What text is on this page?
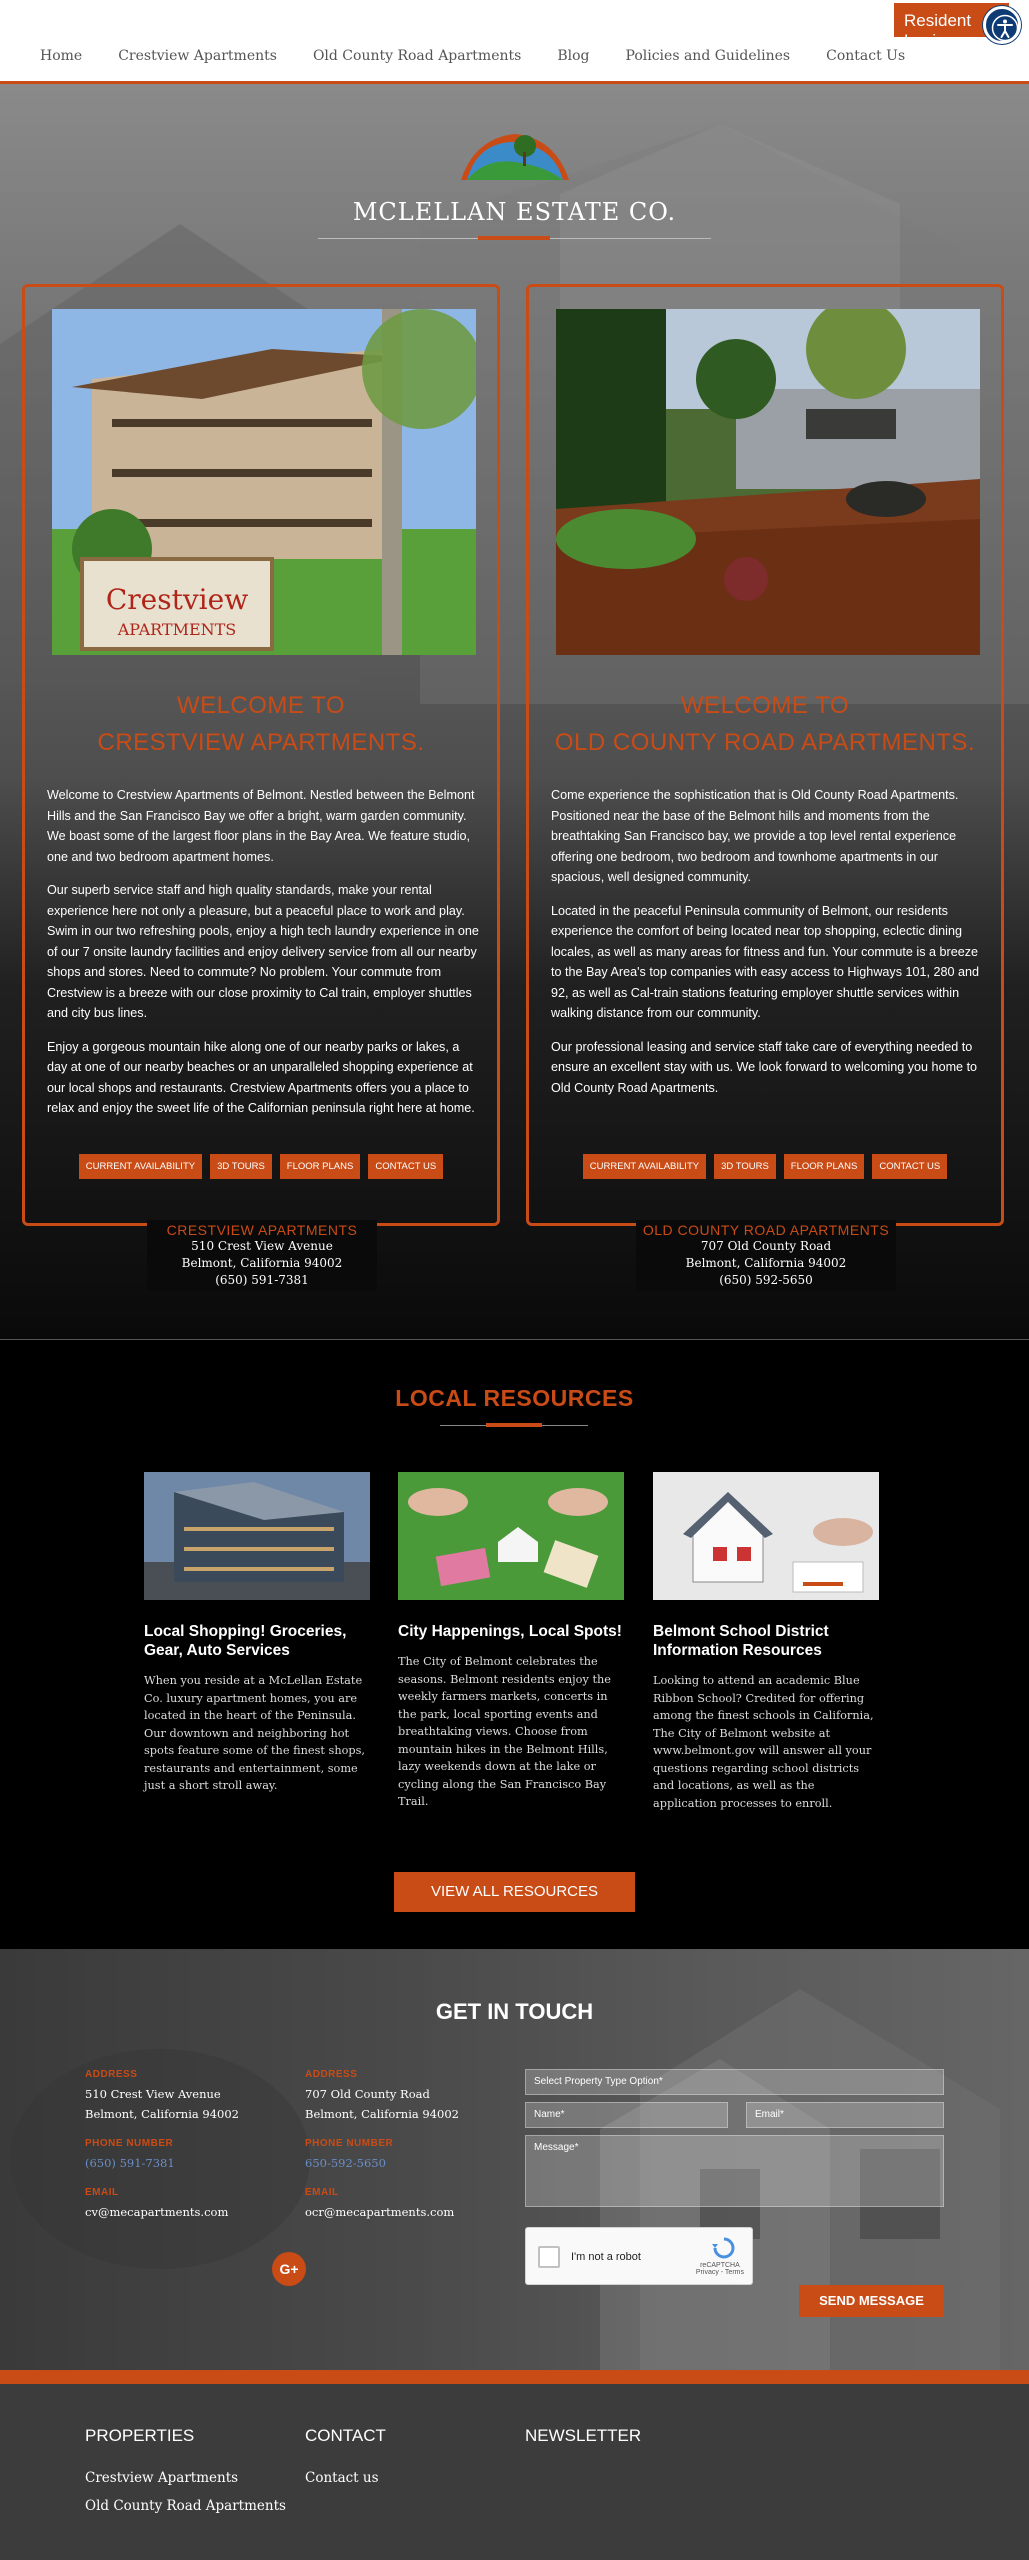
Home	Crestview Apartments	Old County Road Apartments	Blog	Policies and Guidelines	Contact Us
Resident Login
MCLELLAN ESTATE CO.
Crestview
APARTMENTS
WELCOME TO
CRESTVIEW APARTMENTS.

Welcome to Crestview Apartments of Belmont. Nestled between the Belmont Hills and the San Francisco Bay we offer a bright, warm garden community. We boast some of the largest floor plans in the Bay Area. We feature studio, one and two bedroom apartment homes.

Our superb service staff and high quality standards, make your rental experience here not only a pleasure, but a peaceful place to work and play. Swim in our two refreshing pools, enjoy a high tech laundry experience in one of our 7 onsite laundry facilities and enjoy delivery service from all our nearby shops and stores. Need to commute? No problem. Your commute from Crestview is a breeze with our close proximity to Cal train, employer shuttles and city bus lines.

Enjoy a gorgeous mountain hike along one of our nearby parks or lakes, a day at one of our nearby beaches or an unparalleled shopping experience at our local shops and restaurants. Crestview Apartments offers you a place to relax and enjoy the sweet life of the Californian peninsula right here at home.

CURRENT AVAILABILITY	3D TOURS	FLOOR PLANS	CONTACT US
CRESTVIEW APARTMENTS
510 Crest View Avenue
Belmont, California 94002
(650) 591-7381
WELCOME TO
OLD COUNTY ROAD APARTMENTS.

Come experience the sophistication that is Old County Road Apartments. Positioned near the base of the Belmont hills and moments from the breathtaking San Francisco bay, we provide a top level rental experience offering one bedroom, two bedroom and townhome apartments in our spacious, well designed community.

Located in the peaceful Peninsula community of Belmont, our residents experience the comfort of being located near top shopping, eclectic dining locales, as well as many areas for fitness and fun. Your commute is a breeze to the Bay Area's top companies with easy access to Highways 101, 280 and 92, as well as Cal-train stations featuring employer shuttle services within walking distance from our community.

Our professional leasing and service staff take care of everything needed to ensure an excellent stay with us. We look forward to welcoming you home to Old County Road Apartments.

CURRENT AVAILABILITY	3D TOURS	FLOOR PLANS	CONTACT US
OLD COUNTY ROAD APARTMENTS
707 Old County Road
Belmont, California 94002
(650) 592-5650
LOCAL RESOURCES
Local Shopping! Groceries, Gear, Auto Services
When you reside at a McLellan Estate Co. luxury apartment homes, you are located in the heart of the Peninsula. Our downtown and neighboring hot spots feature some of the finest shops, restaurants and entertainment, some just a short stroll away.
City Happenings, Local Spots!
The City of Belmont celebrates the seasons. Belmont residents enjoy the weekly farmers markets, concerts in the park, local sporting events and breathtaking views. Choose from mountain hikes in the Belmont Hills, lazy weekends down at the lake or cycling along the San Francisco Bay Trail.
Belmont School District Information Resources
Looking to attend an academic Blue Ribbon School? Credited for offering among the finest schools in California, The City of Belmont website at www.belmont.gov will answer all your questions regarding school districts and locations, as well as the application processes to enroll.
VIEW ALL RESOURCES
GET IN TOUCH
ADDRESS
510 Crest View Avenue
Belmont, California 94002
PHONE NUMBER
(650) 591-7381
EMAIL
cv@mecapartments.com
ADDRESS
707 Old County Road
Belmont, California 94002
PHONE NUMBER
650-592-5650
EMAIL
ocr@mecapartments.com
G+
Select Property Type Option*
Name*	Email*
Message*
I'm not a robot
reCAPTCHA
Privacy - Terms
SEND MESSAGE
PROPERTIES
Crestview Apartments
Old County Road Apartments
CONTACT
Contact us
NEWSLETTER
